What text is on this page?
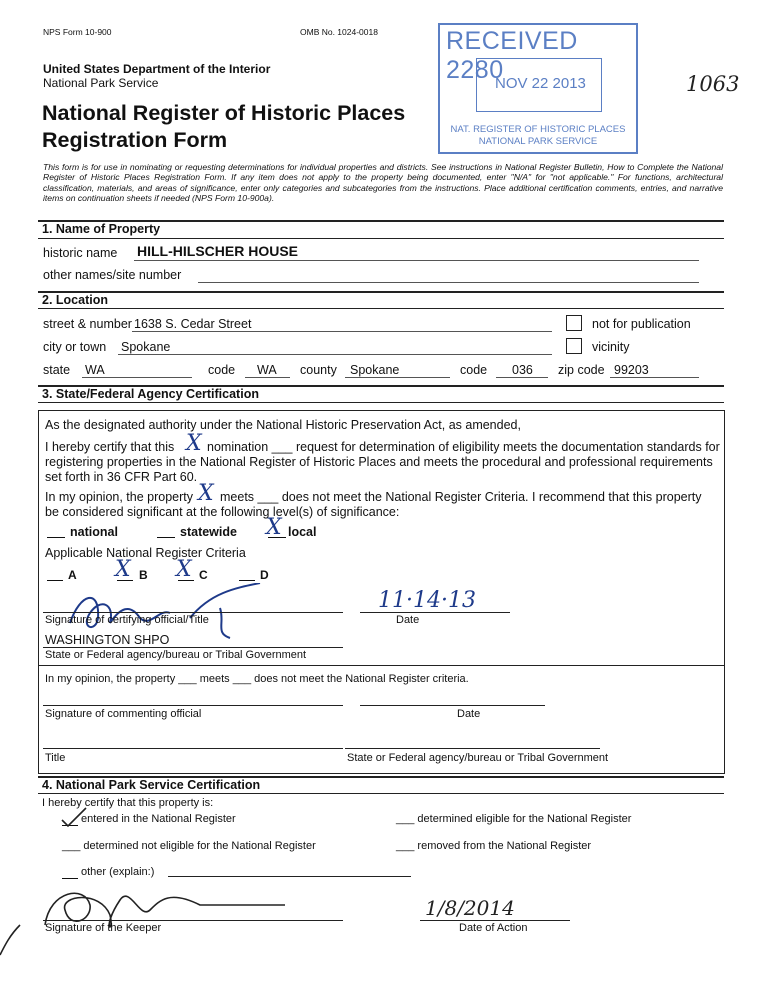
NPS Form 10-900	OMB No. 1024-0018
United States Department of the Interior
National Park Service
National Register of Historic Places
Registration Form
This form is for use in nominating or requesting determinations for individual properties and districts. See instructions in National Register Bulletin, How to Complete the National Register of Historic Places Registration Form. If any item does not apply to the property being documented, enter "N/A" for "not applicable." For functions, architectural classification, materials, and areas of significance, enter only categories and subcategories from the instructions. Place additional certification comments, entries, and narrative items on continuation sheets if needed (NPS Form 10-900a).
RECEIVED 2280
NOV 22 2013
NAT. REGISTER OF HISTORIC PLACES
NATIONAL PARK SERVICE
1063
1. Name of Property
historic name HILL-HILSCHER HOUSE
other names/site number
2. Location
street & number 1638 S. Cedar Street	not for publication
city or town Spokane	vicinity
state WA	code WA county Spokane	code 036 zip code 99203
3. State/Federal Agency Certification
As the designated authority under the National Historic Preservation Act, as amended,
I hereby certify that this X nomination ___ request for determination of eligibility meets the documentation standards for
registering properties in the National Register of Historic Places and meets the procedural and professional requirements
set forth in 36 CFR Part 60.
In my opinion, the property X meets ___ does not meet the National Register Criteria. I recommend that this property
be considered significant at the following level(s) of significance:
national	statewide X local
Applicable National Register Criteria
A X B X C	D
Signature of certifying official/Title
11·14·13
Date
WASHINGTON SHPO
State or Federal agency/bureau or Tribal Government
In my opinion, the property ___ meets ___ does not meet the National Register criteria.
Signature of commenting official	Date
Title	State or Federal agency/bureau or Tribal Government
4. National Park Service Certification
I hereby certify that this property is:
entered in the National Register	___ determined eligible for the National Register
___ determined not eligible for the National Register	___ removed from the National Register
other (explain:)
Signature of the Keeper
1/8/2014
Date of Action
